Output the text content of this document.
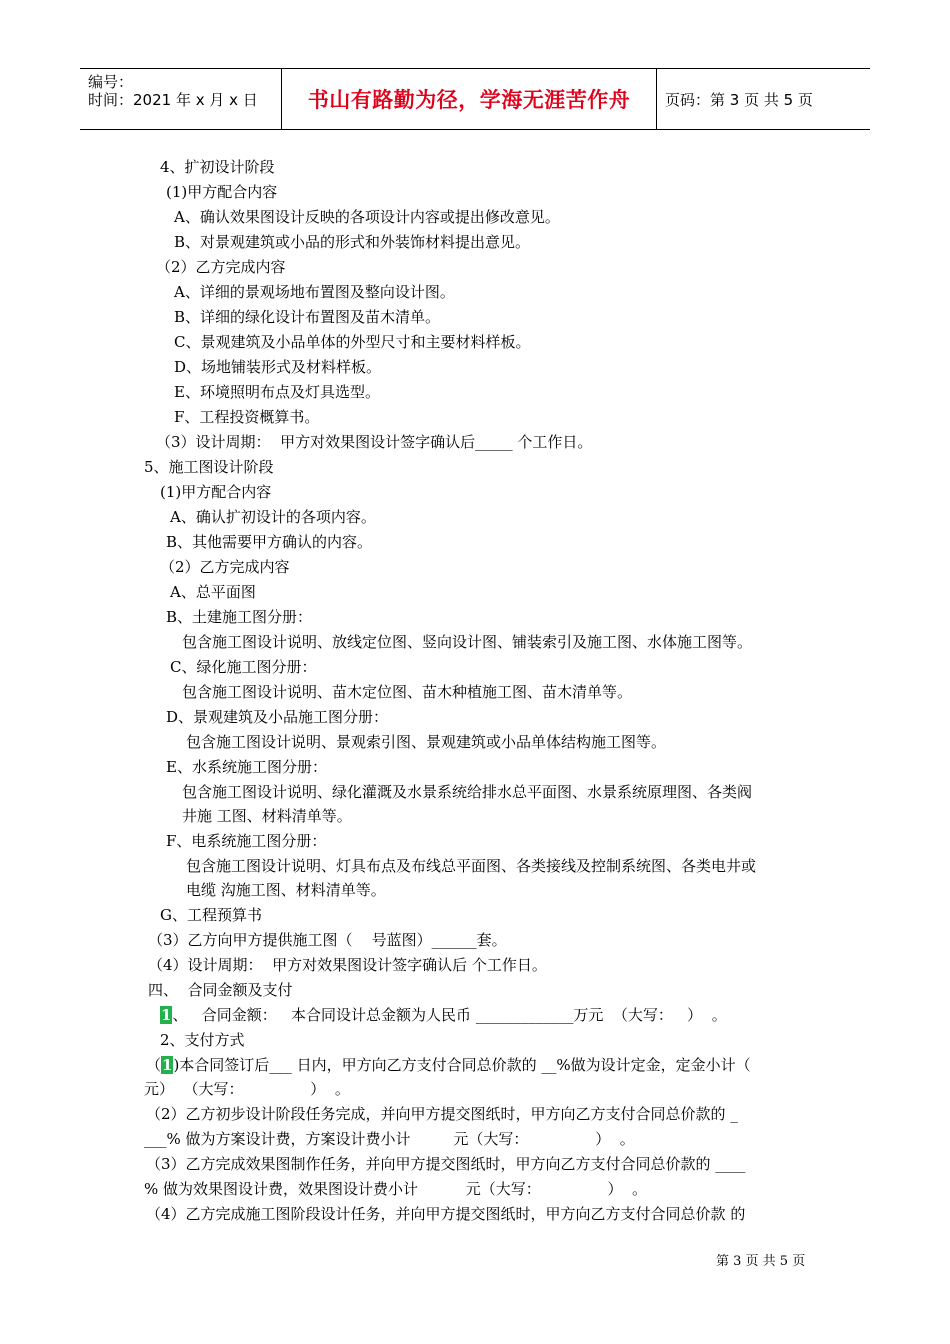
编号：
时间：2021 年 x 月 x 日 书山有路勤为径，学海无涯苦作舟 页码：第 3 页 共 5 页
4、扩初设计阶段
(1)甲方配合内容
A、确认效果图设计反映的各项设计内容或提出修改意见。
B、对景观建筑或小品的形式和外装饰材料提出意见。
（2）乙方完成内容
A、详细的景观场地布置图及整向设计图。
B、详细的绿化设计布置图及苗木清单。
C、景观建筑及小品单体的外型尺寸和主要材料样板。
D、场地铺装形式及材料样板。
E、环境照明布点及灯具选型。
F、工程投资概算书。
（3）设计周期：  甲方对效果图设计签字确认后_____ 个工作日。
5、施工图设计阶段
(1)甲方配合内容
A、确认扩初设计的各项内容。
B、其他需要甲方确认的内容。
（2）乙方完成内容
A、总平面图
B、土建施工图分册：
包含施工图设计说明、放线定位图、竖向设计图、铺装索引及施工图、水体施工图等。
C、绿化施工图分册：
包含施工图设计说明、苗木定位图、苗木种植施工图、苗木清单等。
D、景观建筑及小品施工图分册：
包含施工图设计说明、景观索引图、景观建筑或小品单体结构施工图等。
E、水系统施工图分册：
包含施工图设计说明、绿化灌溉及水景系统给排水总平面图、水景系统原理图、各类阀
井施 工图、材料清单等。
F、电系统施工图分册：
包含施工图设计说明、灯具布点及布线总平面图、各类接线及控制系统图、各类电井或
电缆 沟施工图、材料清单等。
G、工程预算书
（3）乙方向甲方提供施工图（    号蓝图）______套。
（4）设计周期：  甲方对效果图设计签字确认后 个工作日。
四、  合同金额及支付
1、   合同金额：   本合同设计总金额为人民币 _____________万元  （大写：   ）  。
2、支付方式
（1)本合同签订后___ 日内，甲方向乙方支付合同总价款的 __%做为设计定金，定金小计（
元）  （大写：              ）  。
（2）乙方初步设计阶段任务完成，并向甲方提交图纸时，甲方向乙方支付合同总价款的 _
___% 做为方案设计费，方案设计费小计         元（大写：              ）  。
（3）乙方完成效果图制作任务，并向甲方提交图纸时，甲方向乙方支付合同总价款的 ____
% 做为效果图设计费，效果图设计费小计          元（大写：              ）  。
（4）乙方完成施工图阶段设计任务，并向甲方提交图纸时，甲方向乙方支付合同总价款 的
第 3 页 共 5 页
